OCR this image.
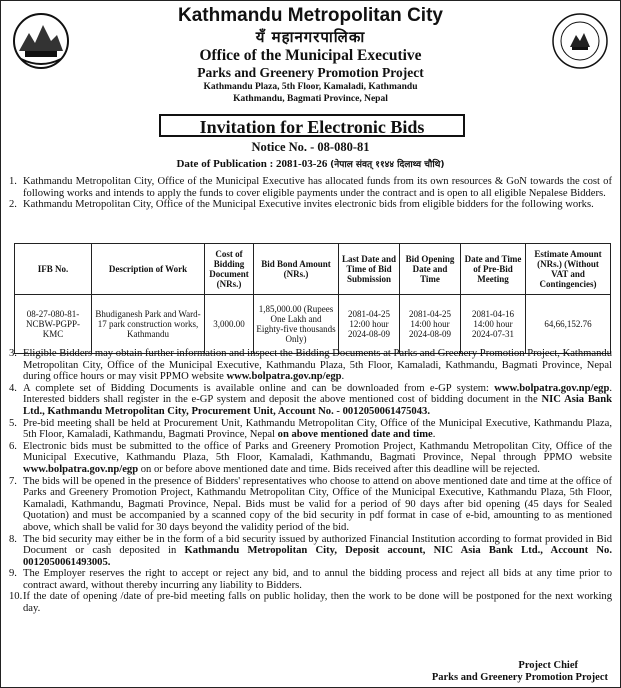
Kathmandu Metropolitan City
यँ महानगरपालिका
Office of the Municipal Executive
Parks and Greenery Promotion Project
Kathmandu Plaza, 5th Floor, Kamaladi, Kathmandu
Kathmandu, Bagmati Province, Nepal
Invitation for Electronic Bids
Notice No. - 08-080-81
Date of Publication : 2081-03-26 (नेपाल संवत् ११४४ दिलाथ्व चौथि)
1. Kathmandu Metropolitan City, Office of the Municipal Executive has allocated funds from its own resources & GoN towards the cost of following works and intends to apply the funds to cover eligible payments under the contract and is open to all eligible Nepalese Bidders.
2. Kathmandu Metropolitan City, Office of the Municipal Executive invites electronic bids from eligible bidders for the following works.
IFB No.	Description of Work	Cost of Bidding Document (NRs.)	Bid Bond Amount (NRs.)	Last Date and Time of Bid Submission	Bid Opening Date and Time	Date and Time of Pre-Bid Meeting	Estimate Amount (NRs.) (Without VAT and Contingencies)
08-27-080-81-NCBW-PGPP-KMC	Bhudiganesh Park and Ward-17 park construction works, Kathmandu	3,000.00	1,85,000.00 (Rupees One Lakh and Eighty-five thousands Only)	2081-04-25 12:00 hour 2024-08-09	2081-04-25 14:00 hour 2024-08-09	2081-04-16 14:00 hour 2024-07-31	64,66,152.76
3. Eligible Bidders may obtain further information and inspect the Bidding Documents at Parks and Greenery Promotion Project, Kathmandu Metropolitan City, Office of the Municipal Executive, Kathmandu Plaza, 5th Floor, Kamaladi, Kathmandu, Bagmati Province, Nepal during office hours or may visit PPMO website www.bolpatra.gov.np/egp.
4. A complete set of Bidding Documents is available online and can be downloaded from e-GP system: www.bolpatra.gov.np/egp. Interested bidders shall register in the e-GP system and deposit the above mentioned cost of bidding document in the NIC Asia Bank Ltd., Kathmandu Metropolitan City, Procurement Unit, Account No. - 0012050061475043.
5. Pre-bid meeting shall be held at Procurement Unit, Kathmandu Metropolitan City, Office of the Municipal Executive, Kathmandu Plaza, 5th Floor, Kamaladi, Kathmandu, Bagmati Province, Nepal on above mentioned date and time.
6. Electronic bids must be submitted to the office of Parks and Greenery Promotion Project, Kathmandu Metropolitan City, Office of the Municipal Executive, Kathmandu Plaza, 5th Floor, Kamaladi, Kathmandu, Bagmati Province, Nepal through PPMO website www.bolpatra.gov.np/egp on or before above mentioned date and time. Bids received after this deadline will be rejected.
7. The bids will be opened in the presence of Bidders' representatives who choose to attend on above mentioned date and time at the office of Parks and Greenery Promotion Project, Kathmandu Metropolitan City, Office of the Municipal Executive, Kathmandu Plaza, 5th Floor, Kamaladi, Kathmandu, Bagmati Province, Nepal. Bids must be valid for a period of 90 days after bid opening (45 days for Sealed Quotation) and must be accompanied by a scanned copy of the bid security in pdf format in case of e-bid, amounting to as mentioned above, which shall be valid for 30 days beyond the validity period of the bid.
8. The bid security may either be in the form of a bid security issued by authorized Financial Institution according to format provided in Bid Document or cash deposited in Kathmandu Metropolitan City, Deposit account, NIC Asia Bank Ltd., Account No. 0012050061493005.
9. The Employer reserves the right to accept or reject any bid, and to annul the bidding process and reject all bids at any time prior to contract award, without thereby incurring any liability to Bidders.
10. If the date of opening /date of pre-bid meeting falls on public holiday, then the work to be done will be postponed for the next working day.
Project Chief
Parks and Greenery Promotion Project
